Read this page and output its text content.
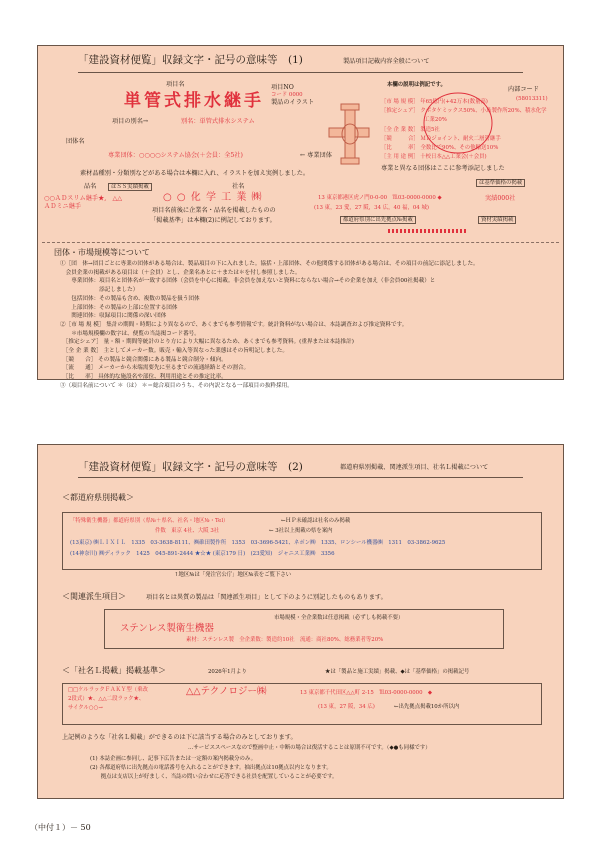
「建設資材便覧」収録文字・記号の意味等　(1)	製品項目記載内容全般について
項目名	項目NO
コード 0000
製品のイラスト
本欄の説明は例記です。
内部コード
(58013311)
単管式排水継手
項目の別名→	別名：単管式排水システム
団体名
専業団体：○○○○システム協会(＋会員：全5社)	← 専業団体
素材品種別・分類別などがある場合は本欄に入れ、イラストを加え実例しました。
［市 場 規 模］ 年65億円(+42万本(数量高)
［推定シェア］ クボタケミックス50%、小島製作所20%、積水化学
　　　　　　　　工業20%
［全 企 業 数］ 製造5社
［競　　　合］ ＭＤジョイント、耐火二層管継手
［比　　　率］ 全数比で90%、その他輸送10%
［主 用 途 例］ 十校日本△△工業会(＋会員)
専業と異なる団体はここに参考添記しました
品名	はＳＳ実績掲載	社名	は基準価格の掲載
○○ＡＤスリム継手★,　△△
ＡＤミニ継手
○ ○ 化 学 工 業 ㈱	13 東京都港区虎ノ門0-0-00　℡03-0000-0000 ◆	実績000社
(13 東，23 愛，27 阪，34 広，40 福，04 城)
都道府県別に出先拠点№掲載	資材実績掲載
項目名前後に企業名・品名を掲載したものの
「掲載基準」は本欄(2)に例記しております。
団体・市場規模等について
①［団　体→団目ごとに専業の団体がある場合は、製品項目の下に入れました。協括・上部団体、その他関係する団体がある場合は、その項目の前記に添記しました。
　会員企業の掲載がある項目は（＋会員）とし、企業名あとに＋または＊を付し参照しました。
　　専業団体：項目名と団体名が一致する団体（会員を中心に掲載。非会員を加えないと資料にならない場合→その企業を加え（非会員00社掲載）と
　　　　　　　添記しました）
　　包括団体：その製品も含め、複数の製品を扱う団体
　　上部団体：その製品の上部に位置する団体
　　関連団体：収録項目に関係の深い団体
②［市 場 規 模］ 集計の期間・時期により異なるので、あくまでも参考情報です。統計資料がない場合は、本誌調査および推定資料です。
　　＊市場規模欄の数字は、便覧の当誌掲コード番号。
　［推定シェア］ 量・額・期間等統計のとり方により大幅に異なるため、あくまでも参考資料。(重界または本誌推計)
　［全 企 業 数］ 主としてメーカー数。販売・輸入等異なった業態はその旨明記しました。
　［競　　合］ その製品と競合関係にある製品と競合制分・傾向。
　［流　　通］ メーカーから末端需要先に至るまでの流通経路とその割合。
　［比　　率］ 具体的な施設名や部位、利用用途とその推定比率。
③（項目名前について ＊（は） ＊＝総合項目のうち、その内訳となる一部項目の抜粋採用。
「建設資材便覧」収録文字・記号の意味等　(2)	都道府県別掲載、関連派生項目、社名Ｌ掲載について
＜都道府県別掲載＞
「特殊衛生機器」都道府県別（県№＋県名、社名・地区№・Tel）	←ＨＰ未確認は社名のみ掲載
件数　東京 4社、大阪 3社	← 3社以上掲載の県を案内
(13東京) ㈱ＬＩＸＩＬ　1335　03-3638-8111、㈱碓田製作所　1353　03-3696-5421、ネポン㈱　1335、ロンシール機器㈱　1311　03-3862-9625
(14神奈川) ㈱ディラック　1425　045-891-2444 ★☆★ (東京179 日)　(23愛知)　ジャニス工業㈱　3356
↑地区№は「発注官公庁」地区№表をご覧下さい
＜関連派生項目＞	項目名とは異質の製品は「関連派生項目」として下のように別記したものもあります。
ステンレス製衛生機器
市場規模・全企業数は任意掲載（必ずしも掲載不要）
素材：ステンレス製　全企業数：製造約10社　流通：商社80%、総務業者等20%
＜「社名Ｌ掲載」掲載基準＞	2026年1月より	★は「製品と施工実績」掲載、◆は「基準価格」の掲載記号
□□ケルラックＦＡＫＹ型（乗改
2段式）★、△△二段ラック★、
サイクル○○→
△△テクノロジー㈱	13 東京都千代田区△△町 2-15　℡03-0000-0000　◆
(13 東，27 阪，34 広)	←出先拠点掲載10か所以内
上記例のような「社名Ｌ掲載」ができるのは下に該当する場合のみとしております。
…サービススペースなので整画中止・中断の場合は復活することは原則不可です。（◆●も同様です）
(1) 本誌企画に参同し、記事下広告または一定額の案内掲載分のみ。
(2) 各都道府県に出先拠点の電話番号を入れることができます。抽出拠点は10拠点以内となります。
　　拠点は支店以上が好ましく、当誌の問い合わせに応答できる社員を配置していることが必要です。
（中付１）－ 50
